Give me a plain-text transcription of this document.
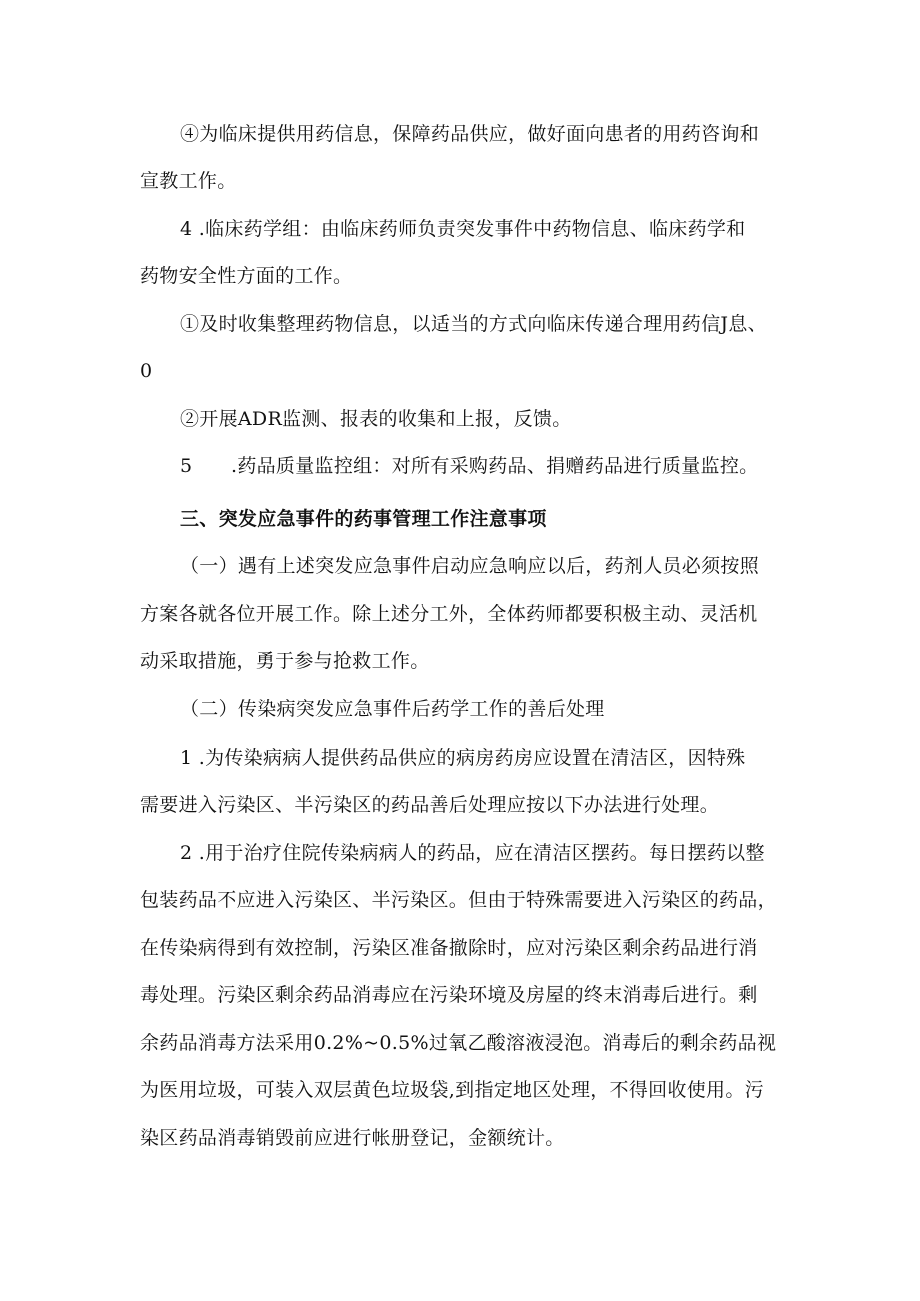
④为临床提供用药信息，保障药品供应，做好面向患者的用药咨询和
宣教工作。
4 .临床药学组：由临床药师负责突发事件中药物信息、临床药学和
药物安全性方面的工作。
①及时收集整理药物信息，以适当的方式向临床传递合理用药信J息、
0
②开展ADR监测、报表的收集和上报，反馈。
5　　.药品质量监控组：对所有采购药品、捐赠药品进行质量监控。
三、突发应急事件的药事管理工作注意事项
（一）遇有上述突发应急事件启动应急响应以后，药剂人员必须按照
方案各就各位开展工作。除上述分工外，全体药师都要积极主动、灵活机
动采取措施，勇于参与抢救工作。
（二）传染病突发应急事件后药学工作的善后处理
1 .为传染病病人提供药品供应的病房药房应设置在清洁区，因特殊
需要进入污染区、半污染区的药品善后处理应按以下办法进行处理。
2 .用于治疗住院传染病病人的药品，应在清洁区摆药。每日摆药以整
包装药品不应进入污染区、半污染区。但由于特殊需要进入污染区的药品，
在传染病得到有效控制，污染区准备撤除时，应对污染区剩余药品进行消
毒处理。污染区剩余药品消毒应在污染环境及房屋的终末消毒后进行。剩
余药品消毒方法采用0.2%~0.5%过氧乙酸溶液浸泡。消毒后的剩余药品视
为医用垃圾，可装入双层黄色垃圾袋,到指定地区处理，不得回收使用。污
染区药品消毒销毁前应进行帐册登记，金额统计。
